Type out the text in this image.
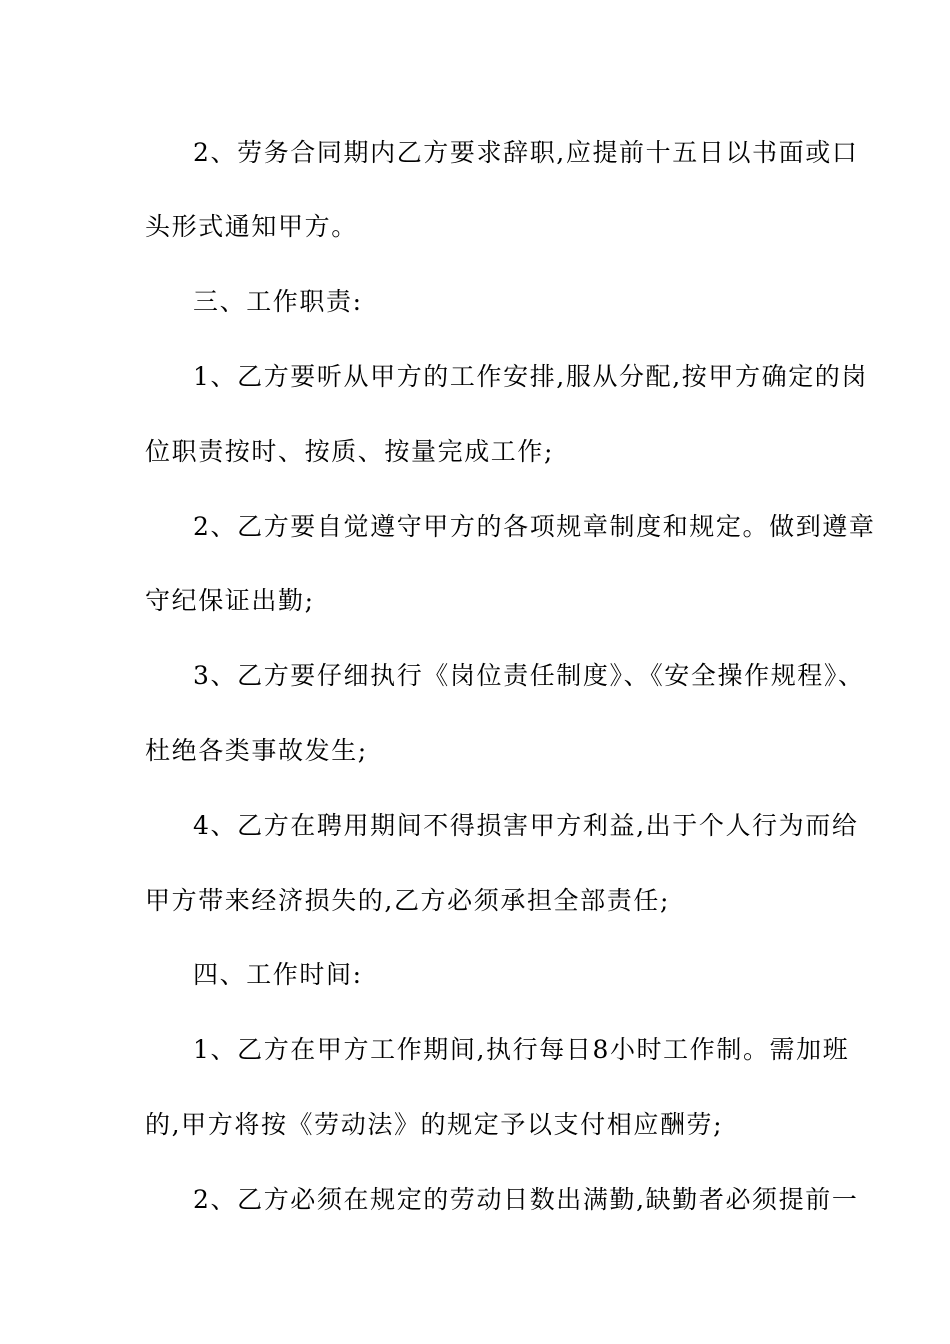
2、劳务合同期内乙方要求辞职,应提前十五日以书面或口
头形式通知甲方。
三、工作职责:
1、乙方要听从甲方的工作安排,服从分配,按甲方确定的岗
位职责按时、按质、按量完成工作;
2、乙方要自觉遵守甲方的各项规章制度和规定。做到遵章
守纪保证出勤;
3、乙方要仔细执行《岗位责任制度》、《安全操作规程》、
杜绝各类事故发生;
4、乙方在聘用期间不得损害甲方利益,出于个人行为而给
甲方带来经济损失的,乙方必须承担全部责任;
四、工作时间:
1、乙方在甲方工作期间,执行每日8小时工作制。需加班
的,甲方将按《劳动法》的规定予以支付相应酬劳;
2、乙方必须在规定的劳动日数出满勤,缺勤者必须提前一
